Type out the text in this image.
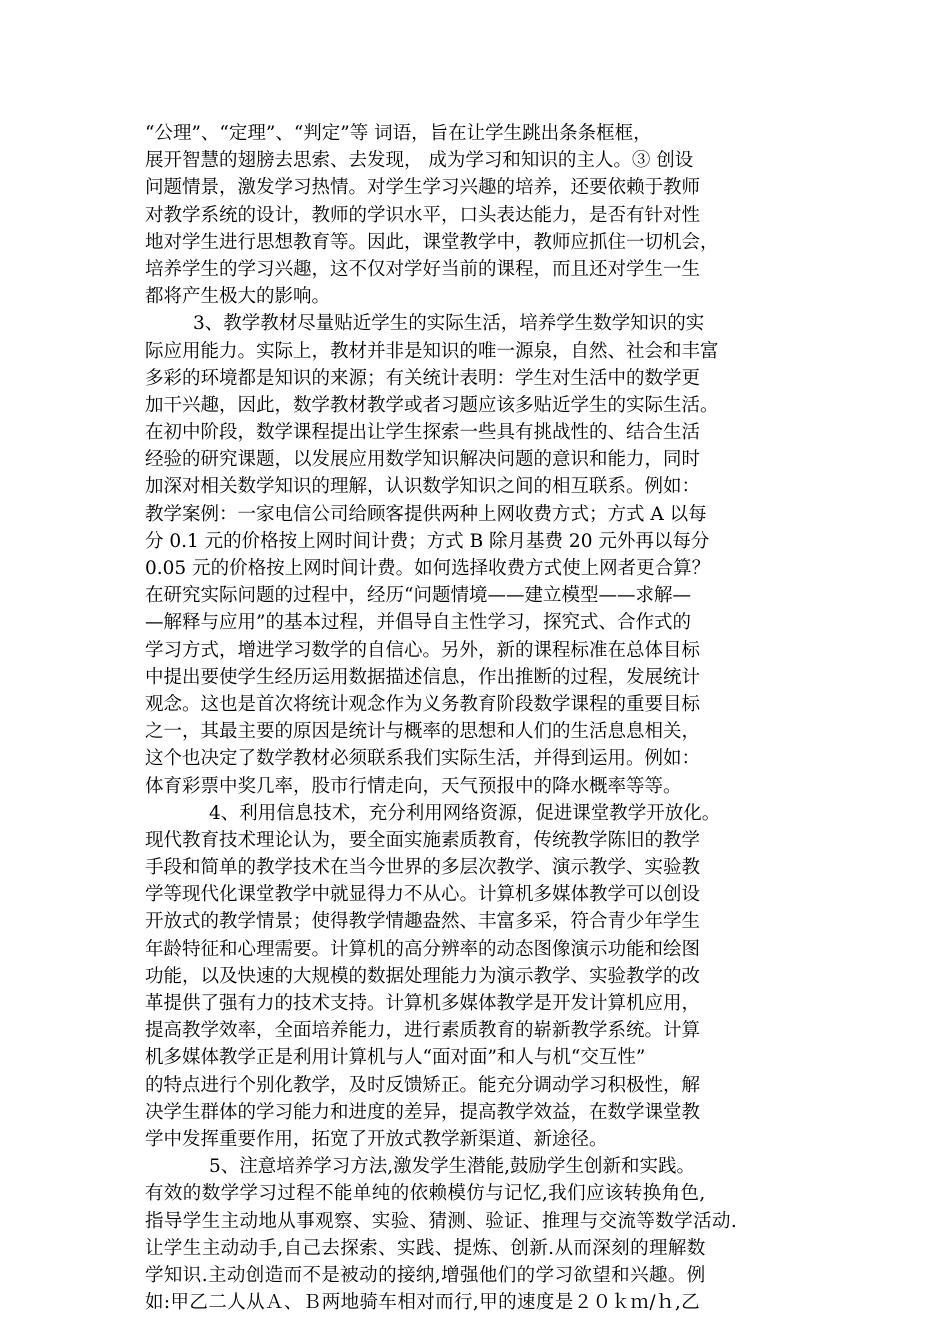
“公理”、“定理”、“判定”等 词语，旨在让学生跳出条条框框，
展开智慧的翅膀去思索、去发现， 成为学习和知识的主人。③ 创设
问题情景，激发学习热情。对学生学习兴趣的培养，还要依赖于教师
对教学系统的设计，教师的学识水平，口头表达能力，是否有针对性
地对学生进行思想教育等。因此，课堂教学中，教师应抓住一切机会，
培养学生的学习兴趣，这不仅对学好当前的课程，而且还对学生一生
都将产生极大的影响。
3、教学教材尽量贴近学生的实际生活，培养学生数学知识的实
际应用能力。实际上，教材并非是知识的唯一源泉，自然、社会和丰富
多彩的环境都是知识的来源；有关统计表明：学生对生活中的数学更
加干兴趣，因此，数学教材教学或者习题应该多贴近学生的实际生活。
在初中阶段，数学课程提出让学生探索一些具有挑战性的、结合生活
经验的研究课题，以发展应用数学知识解决问题的意识和能力，同时
加深对相关数学知识的理解，认识数学知识之间的相互联系。例如：
教学案例：一家电信公司给顾客提供两种上网收费方式；方式 A 以每
分 0.1 元的价格按上网时间计费；方式 B 除月基费 20 元外再以每分
0.05 元的价格按上网时间计费。如何选择收费方式使上网者更合算？
在研究实际问题的过程中，经历“问题情境——建立模型——求解—
—解释与应用”的基本过程，并倡导自主性学习，探究式、合作式的
学习方式，增进学习数学的自信心。另外，新的课程标准在总体目标
中提出要使学生经历运用数据描述信息，作出推断的过程，发展统计
观念。这也是首次将统计观念作为义务教育阶段数学课程的重要目标
之一，其最主要的原因是统计与概率的思想和人们的生活息息相关，
这个也决定了数学教材必须联系我们实际生活，并得到运用。例如：
体育彩票中奖几率，股市行情走向，天气预报中的降水概率等等。
4、利用信息技术，充分利用网络资源，促进课堂教学开放化。
现代教育技术理论认为，要全面实施素质教育，传统教学陈旧的教学
手段和简单的教学技术在当今世界的多层次教学、演示教学、实验教
学等现代化课堂教学中就显得力不从心。计算机多媒体教学可以创设
开放式的教学情景；使得教学情趣盎然、丰富多采，符合青少年学生
年龄特征和心理需要。计算机的高分辨率的动态图像演示功能和绘图
功能，以及快速的大规模的数据处理能力为演示教学、实验教学的改
革提供了强有力的技术支持。计算机多媒体教学是开发计算机应用，
提高教学效率，全面培养能力，进行素质教育的崭新教学系统。计算
机多媒体教学正是利用计算机与人“面对面”和人与机“交互性”
的特点进行个别化教学，及时反馈矫正。能充分调动学习积极性，解
决学生群体的学习能力和进度的差异，提高教学效益，在数学课堂教
学中发挥重要作用，拓宽了开放式教学新渠道、新途径。
5、注意培养学习方法,激发学生潜能,鼓励学生创新和实践。
有效的数学学习过程不能单纯的依赖模仿与记忆,我们应该转换角色,
指导学生主动地从事观察、实验、猜测、验证、推理与交流等数学活动.
让学生主动动手,自己去探索、实践、提炼、创新.从而深刻的理解数
学知识.主动创造而不是被动的接纳,增强他们的学习欲望和兴趣。例
如:甲乙二人从Ａ、Ｂ两地骑车相对而行,甲的速度是２０ｋｍ/ｈ,乙
